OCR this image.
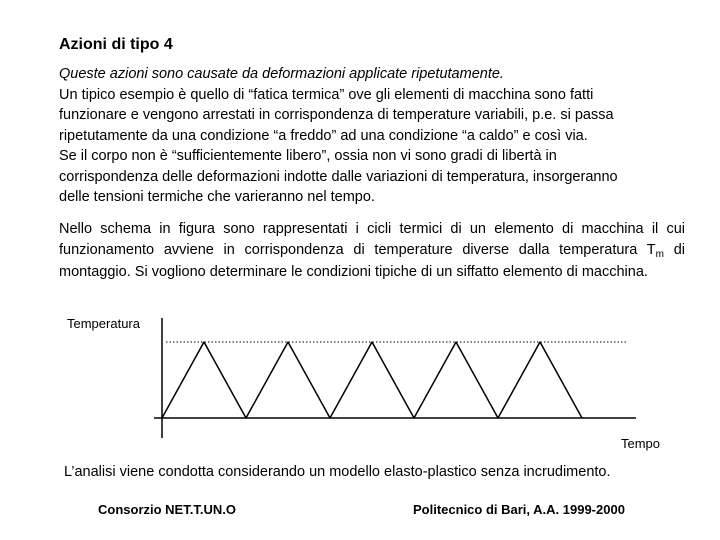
Azioni di tipo 4
Queste azioni sono causate da deformazioni applicate ripetutamente.
Un tipico esempio è quello di “fatica termica” ove gli elementi di macchina sono fatti
funzionare e vengono arrestati in corrispondenza di temperature variabili, p.e. si passa
ripetutamente da una condizione “a freddo” ad una condizione “a caldo” e così via.
Se il corpo non è “sufficientemente libero”, ossia non vi sono gradi di libertà in
corrispondenza delle deformazioni indotte dalle variazioni di temperatura, insorgeranno
delle tensioni termiche che varieranno nel tempo.
Nello schema in figura sono rappresentati i cicli termici di un elemento di macchina il cui funzionamento avviene in corrispondenza di temperature diverse dalla temperatura $T_m$ di montaggio. Si vogliono determinare le condizioni tipiche di un siffatto elemento di macchina.
Temperatura
Tempo
L’analisi viene condotta considerando un modello elasto-plastico senza incrudimento.
Consorzio NET.T.UN.O	Politecnico di Bari, A.A. 1999-2000
